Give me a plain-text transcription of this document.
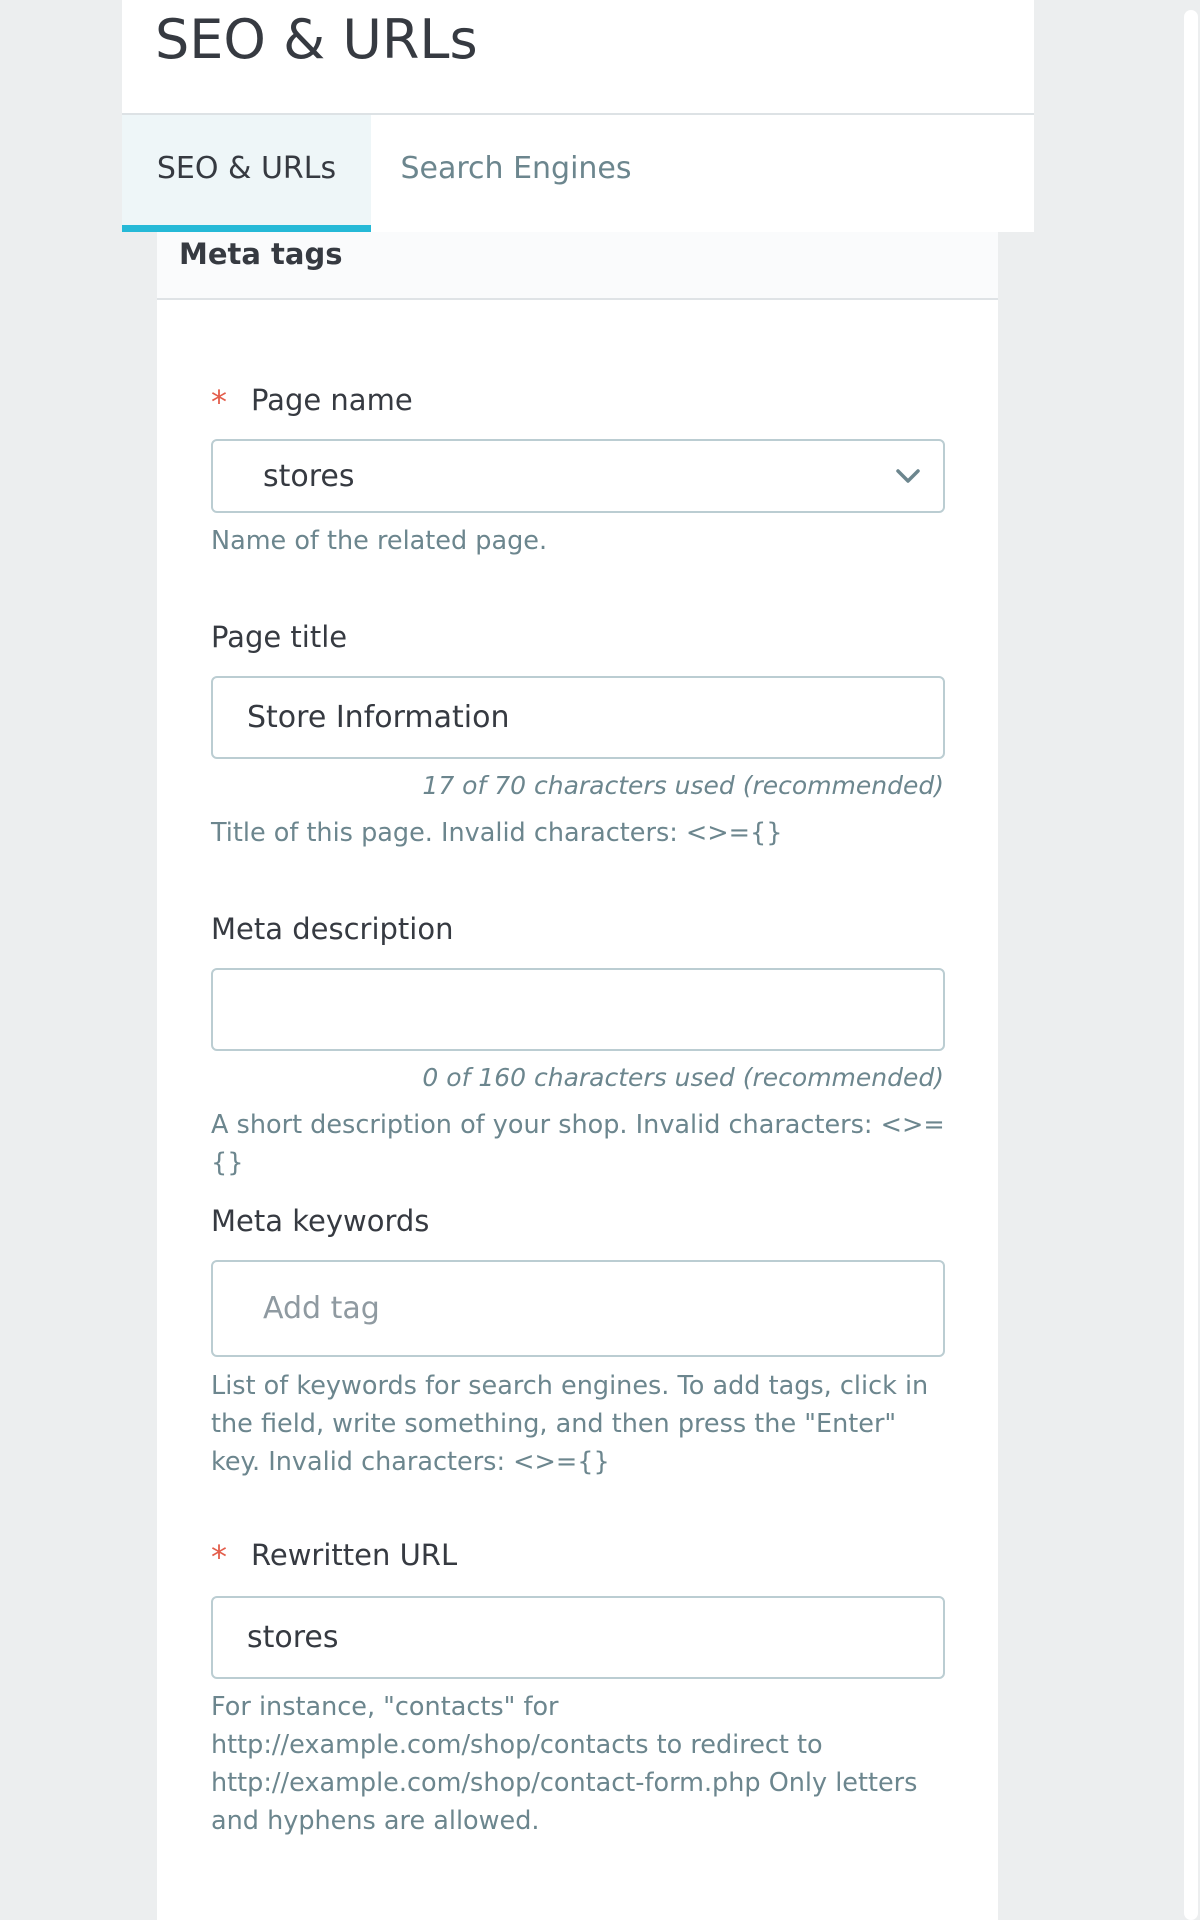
SEO & URLs
SEO & URLs	Search Engines
Meta tags
* Page name
stores
Name of the related page.
Page title
Store Information
17 of 70 characters used (recommended)
Title of this page. Invalid characters: <>={}
Meta description
0 of 160 characters used (recommended)
A short description of your shop. Invalid characters: <>={}
Meta keywords
Add tag
List of keywords for search engines. To add tags, click in the field, write something, and then press the "Enter" key. Invalid characters: <>={}
* Rewritten URL
stores
For instance, "contacts" for http://example.com/shop/contacts to redirect to http://example.com/shop/contact-form.php Only letters and hyphens are allowed.
